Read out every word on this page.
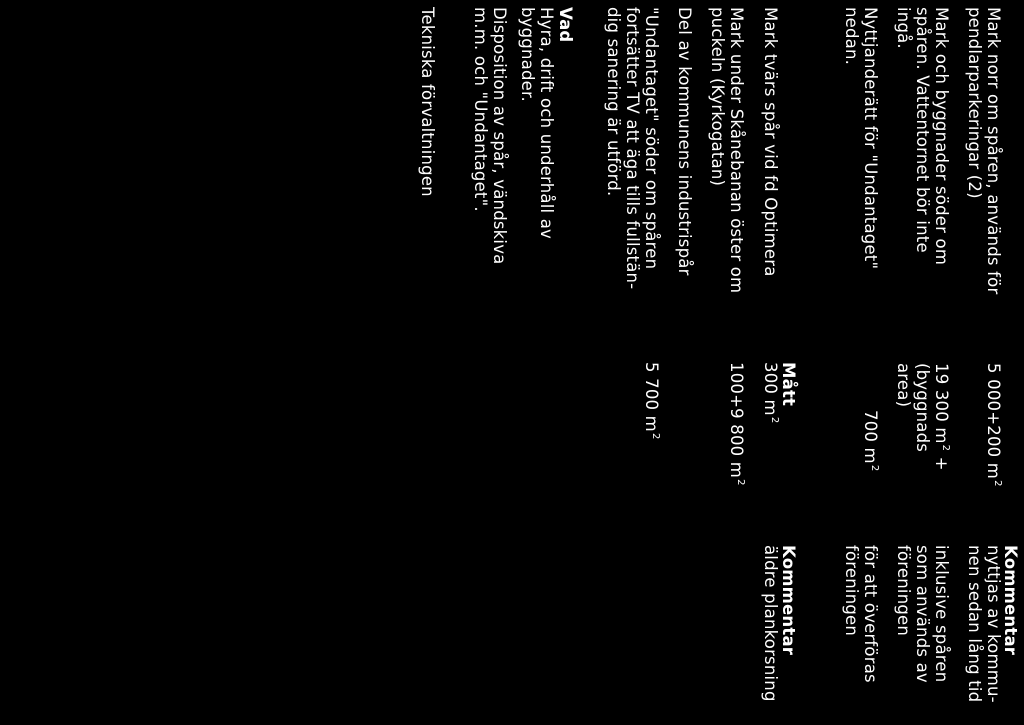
Kommentar
Mark norr om spåren, används för
pendlarparkeringar (2)
5 000+200 $m^2$
nyttjas av kommu-
nen sedan lång tid
Mark och byggnader söder om
spåren. Vattentornet bör inte
ingå.
19 300 $m^2$ +
(byggnads
area)
inklusive spåren
som används av
föreningen
Nyttjanderätt för "Undantaget"
nedan.
700 $m^2$
för att överföras
föreningen
Mått
Kommentar
Mark tvärs spår vid fd Optimera
300 $m^2$
äldre plankorsning
Mark under Skånebanan öster om
puckeln (Kyrkogatan)
100+9 800 $m^2$
Del av kommunens industrispår
"Undantaget" söder om spåren
fortsätter TV att äga tills fullstän-
dig sanering är utförd.
5 700 $m^2$
Vad
Hyra, drift och underhåll av
byggnader.
Disposition av spår, vändskiva
m.m. och "Undantaget".
Tekniska förvaltningen
